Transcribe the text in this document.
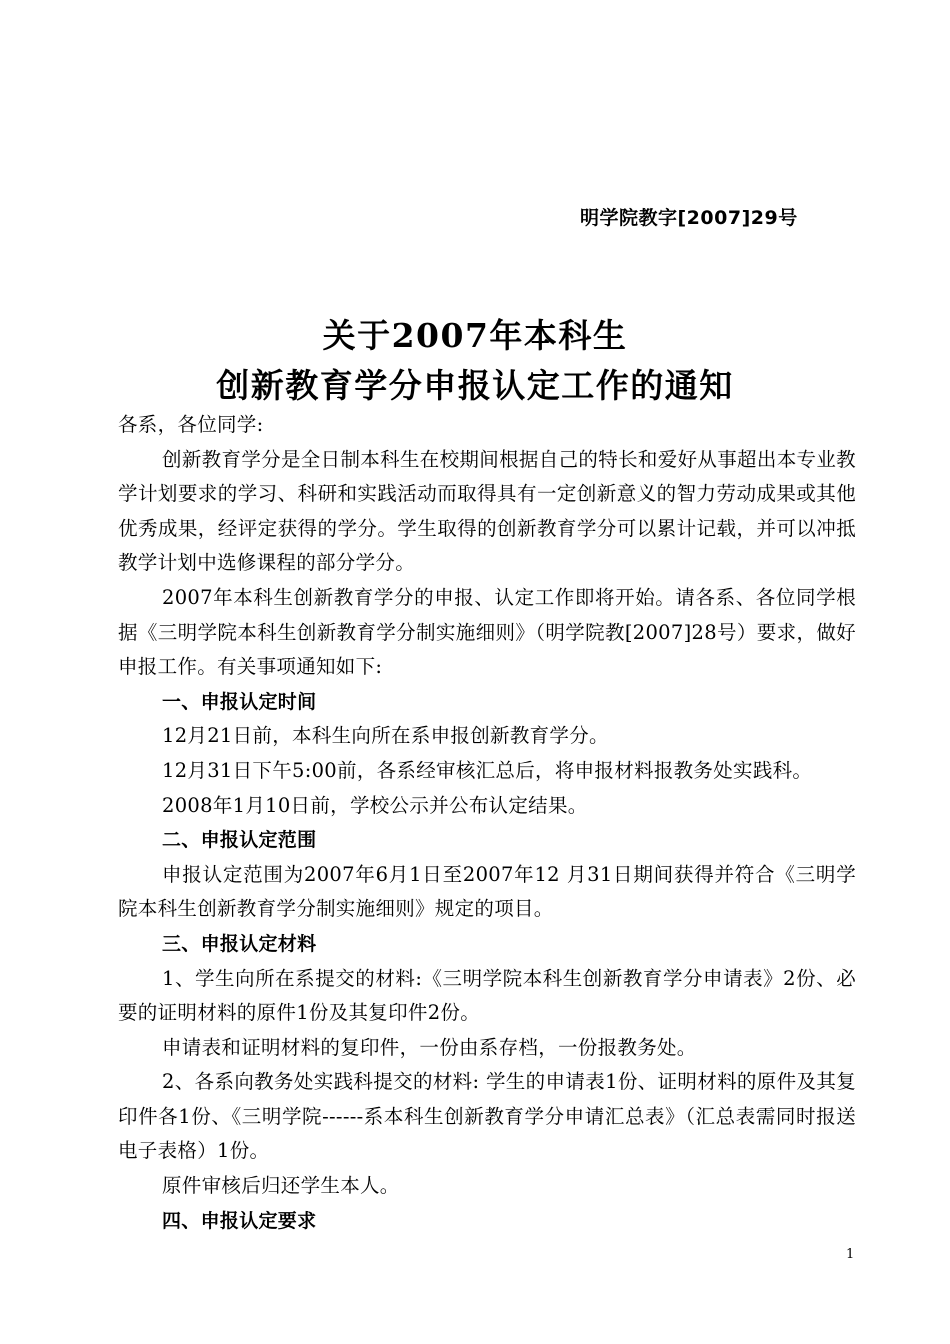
明学院教字[2007]29号
关于2007年本科生
创新教育学分申报认定工作的通知

各系，各位同学:

创新教育学分是全日制本科生在校期间根据自己的特长和爱好从事超出本专业教学计划要求的学习、科研和实践活动而取得具有一定创新意义的智力劳动成果或其他优秀成果，经评定获得的学分。学生取得的创新教育学分可以累计记载，并可以冲抵教学计划中选修课程的部分学分。

2007年本科生创新教育学分的申报、认定工作即将开始。请各系、各位同学根据《三明学院本科生创新教育学分制实施细则》（明学院教[2007]28号）要求，做好申报工作。有关事项通知如下:

一、申报认定时间

12月21日前，本科生向所在系申报创新教育学分。

12月31日下午5:00前，各系经审核汇总后，将申报材料报教务处实践科。

2008年1月10日前，学校公示并公布认定结果。

二、申报认定范围

申报认定范围为2007年6月1日至2007年12 月31日期间获得并符合《三明学院本科生创新教育学分制实施细则》规定的项目。

三、申报认定材料

1、学生向所在系提交的材料:《三明学院本科生创新教育学分申请表》2份、必要的证明材料的原件1份及其复印件2份。

申请表和证明材料的复印件，一份由系存档，一份报教务处。

2、各系向教务处实践科提交的材料: 学生的申请表1份、证明材料的原件及其复印件各1份、《三明学院------系本科生创新教育学分申请汇总表》（汇总表需同时报送电子表格）1份。

原件审核后归还学生本人。

四、申报认定要求

1
